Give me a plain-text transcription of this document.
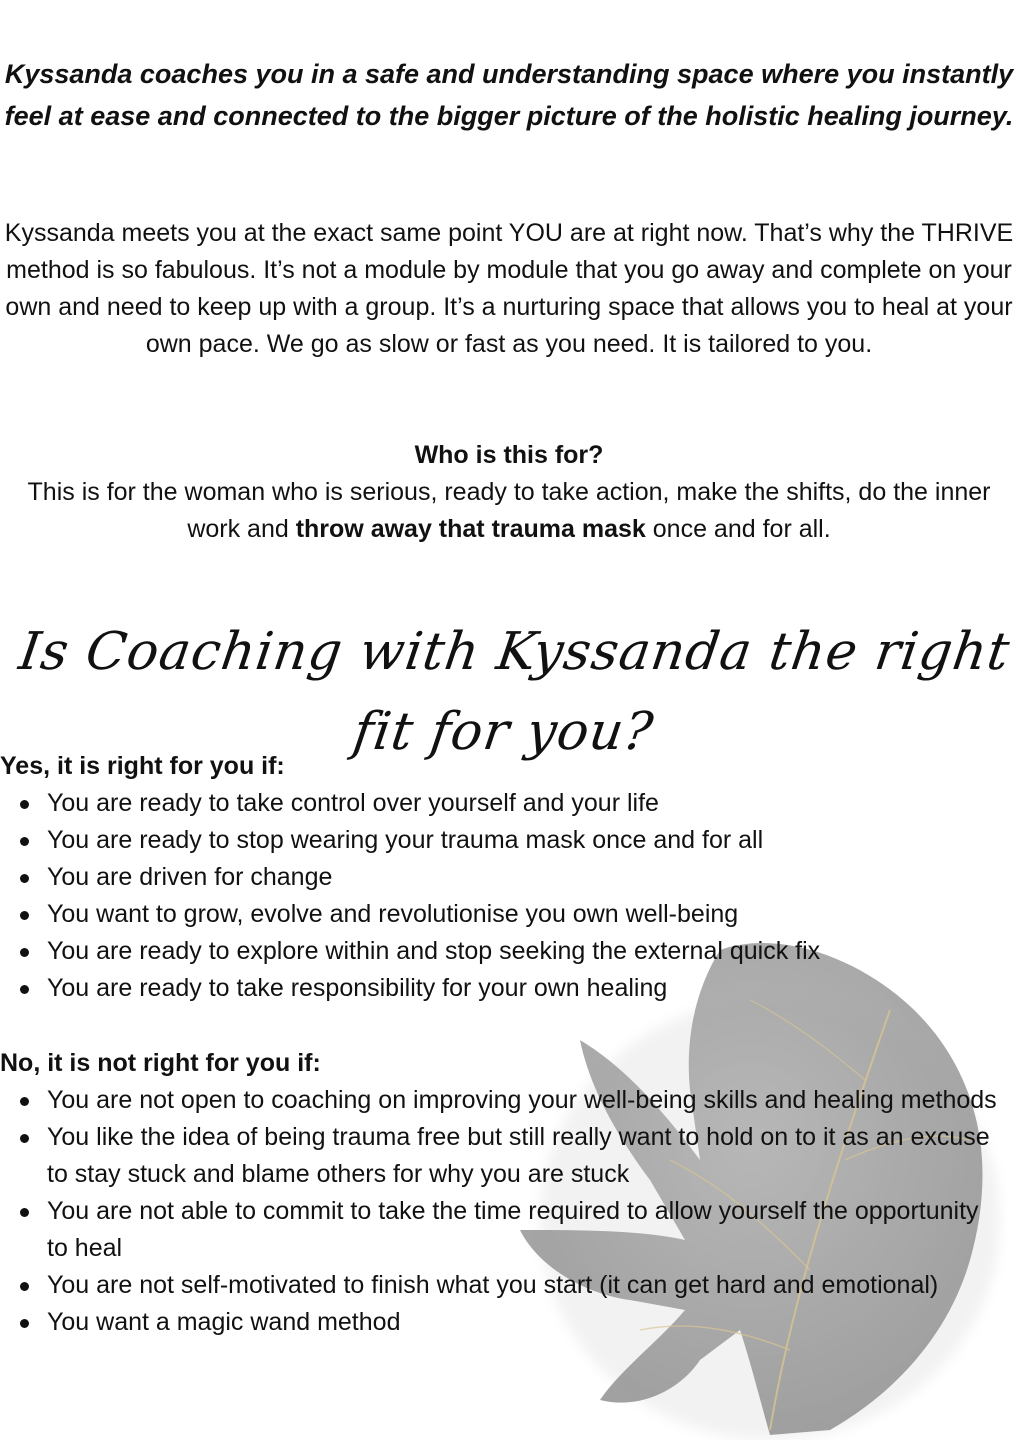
Kyssanda coaches you in a safe and understanding space where you instantly feel at ease and connected to the bigger picture of the holistic healing journey.

Kyssanda meets you at the exact same point YOU are at right now. That’s why the THRIVE method is so fabulous. It’s not a module by module that you go away and complete on your own and need to keep up with a group. It’s a nurturing space that allows you to heal at your own pace. We go as slow or fast as you need. It is tailored to you.

Who is this for?

This is for the woman who is serious, ready to take action, make the shifts, do the inner work and throw away that trauma mask once and for all.

Is Coaching with Kyssanda the right fit for you?

Yes, it is right for you if:

You are ready to take control over yourself and your life
You are ready to stop wearing your trauma mask once and for all
You are driven for change
You want to grow, evolve and revolutionise you own well-being
You are ready to explore within and stop seeking the external quick fix
You are ready to take responsibility for your own healing

No, it is not right for you if:

You are not open to coaching on improving your well-being skills and healing methods
You like the idea of being trauma free but still really want to hold on to it as an excuse to stay stuck and blame others for why you are stuck
You are not able to commit to take the time required to allow yourself the opportunity to heal
You are not self-motivated to finish what you start (it can get hard and emotional)
You want a magic wand method
